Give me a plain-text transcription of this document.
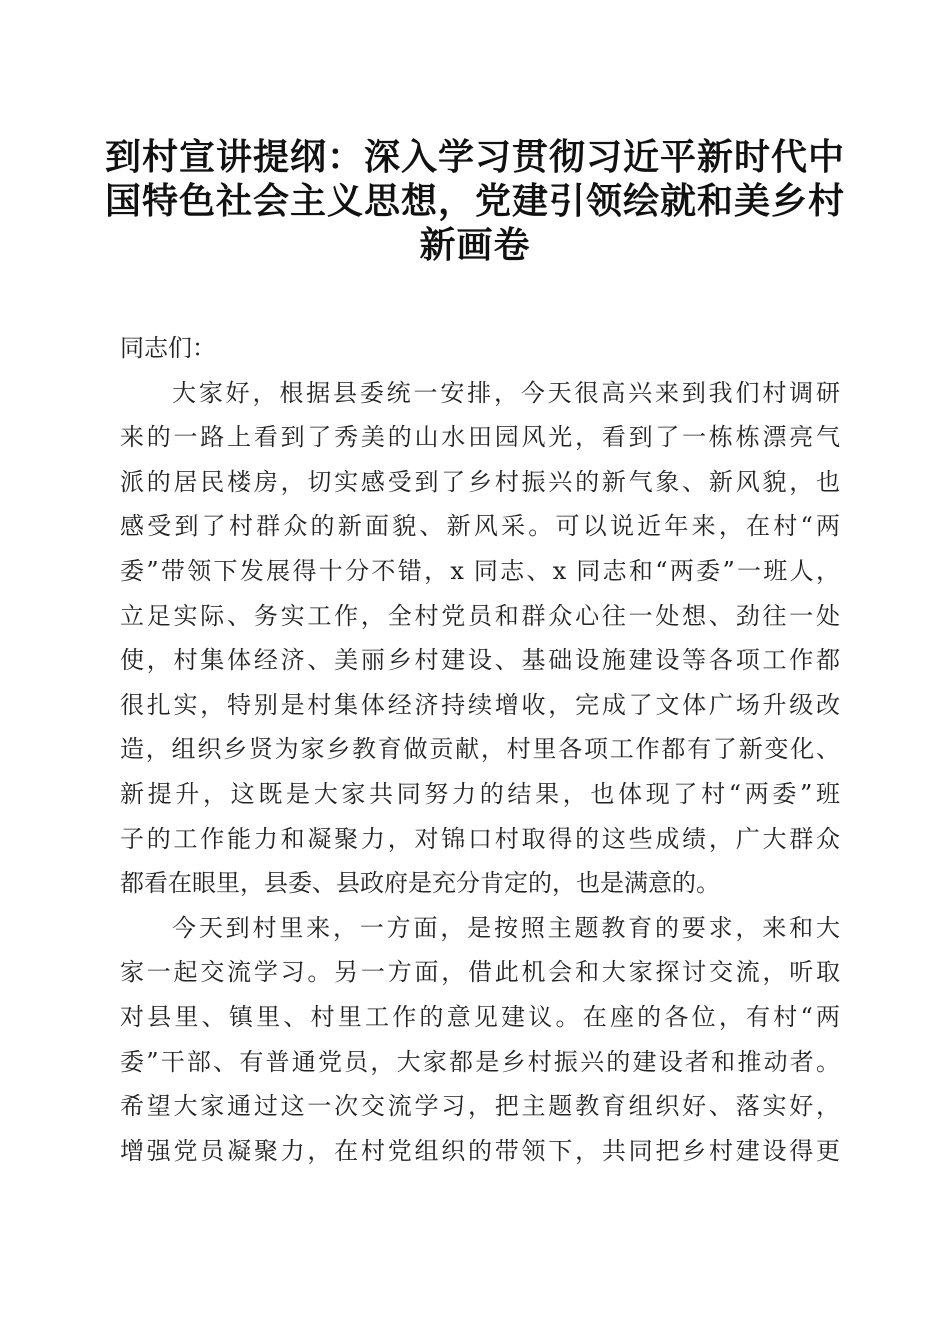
到村宣讲提纲：深入学习贯彻习近平新时代中
国特色社会主义思想，党建引领绘就和美乡村
新画卷
同志们：
大家好，根据县委统一安排，今天很高兴来到我们村调研
来的一路上看到了秀美的山水田园风光，看到了一栋栋漂亮气
派的居民楼房，切实感受到了乡村振兴的新气象、新风貌，也
感受到了村群众的新面貌、新风采。可以说近年来，在村“两
委”带领下发展得十分不错，x 同志、x 同志和“两委”一班人，
立足实际、务实工作，全村党员和群众心往一处想、劲往一处
使，村集体经济、美丽乡村建设、基础设施建设等各项工作都
很扎实，特别是村集体经济持续增收，完成了文体广场升级改
造，组织乡贤为家乡教育做贡献，村里各项工作都有了新变化、
新提升，这既是大家共同努力的结果，也体现了村“两委”班
子的工作能力和凝聚力，对锦口村取得的这些成绩，广大群众
都看在眼里，县委、县政府是充分肯定的，也是满意的。
今天到村里来，一方面，是按照主题教育的要求，来和大
家一起交流学习。另一方面，借此机会和大家探讨交流，听取
对县里、镇里、村里工作的意见建议。在座的各位，有村“两
委”干部、有普通党员，大家都是乡村振兴的建设者和推动者。
希望大家通过这一次交流学习，把主题教育组织好、落实好，
增强党员凝聚力，在村党组织的带领下，共同把乡村建设得更
